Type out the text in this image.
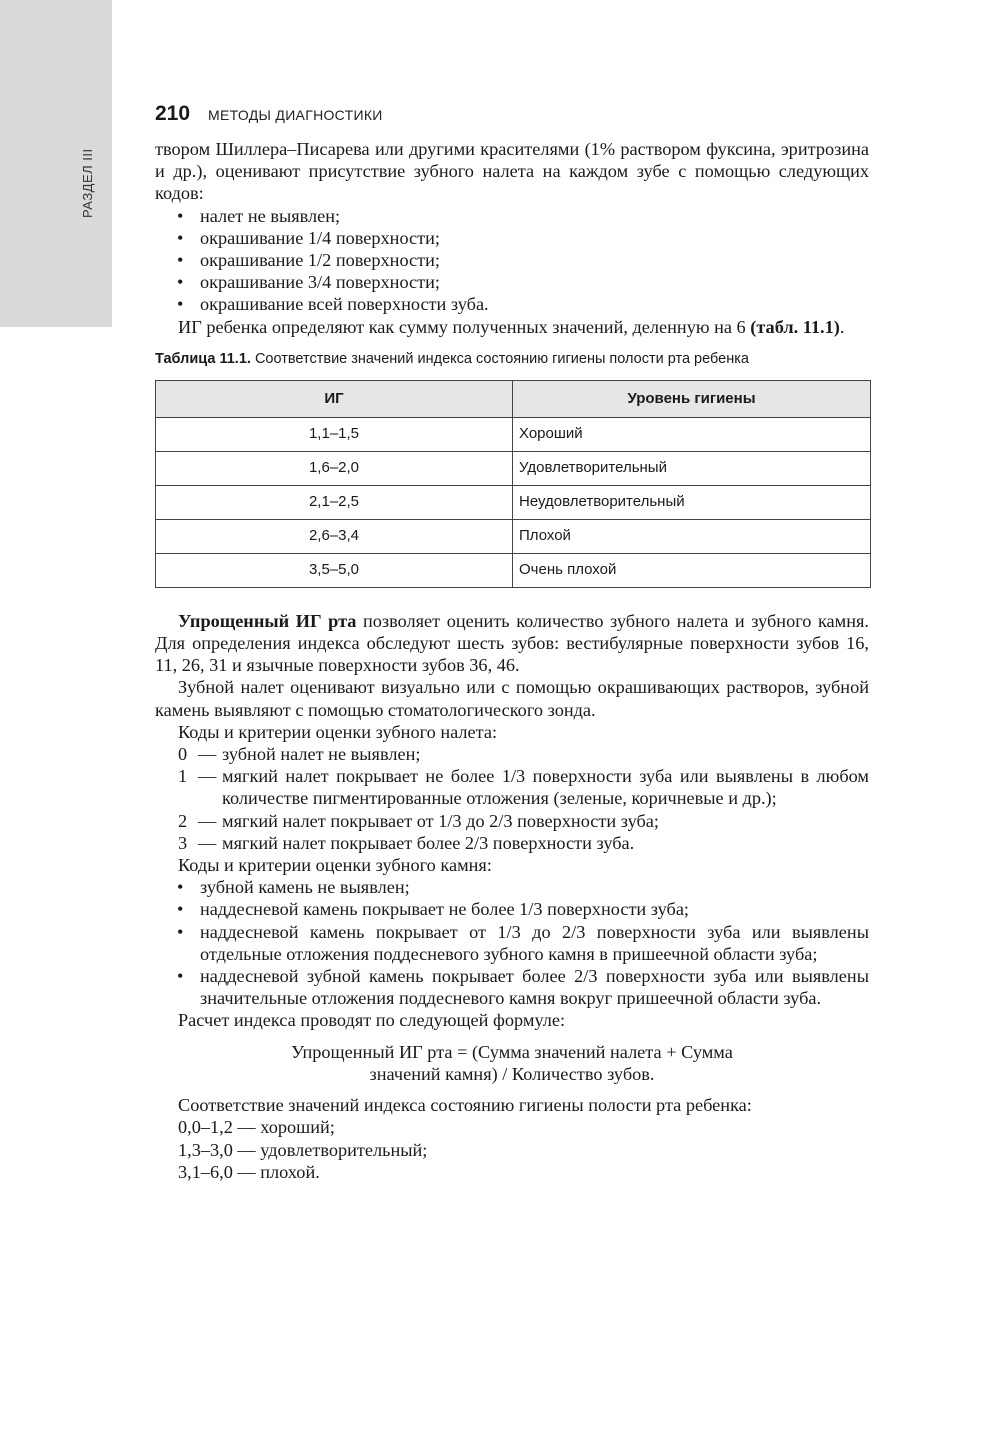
РАЗДЕЛ III
210 МЕТОДЫ ДИАГНОСТИКИ

твором Шиллера–Писарева или другими красителями (1% раствором фуксина, эритрозина и др.), оценивают присутствие зубного налета на каждом зубе с помощью следующих кодов:

• налет не выявлен;
• окрашивание 1/4 поверхности;
• окрашивание 1/2 поверхности;
• окрашивание 3/4 поверхности;
• окрашивание всей поверхности зуба.

ИГ ребенка определяют как сумму полученных значений, деленную на 6 (табл. 11.1).

Таблица 11.1. Соответствие значений индекса состоянию гигиены полости рта ребенка
ИГ	Уровень гигиены
1,1–1,5	Хороший
1,6–2,0	Удовлетворительный
2,1–2,5	Неудовлетворительный
2,6–3,4	Плохой
3,5–5,0	Очень плохой

Упрощенный ИГ рта позволяет оценить количество зубного налета и зубного камня. Для определения индекса обследуют шесть зубов: вестибулярные поверхности зубов 16, 11, 26, 31 и язычные поверхности зубов 36, 46.

Зубной налет оценивают визуально или с помощью окрашивающих растворов, зубной камень выявляют с помощью стоматологического зонда.

Коды и критерии оценки зубного налета:

0 — зубной налет не выявлен;
1 — мягкий налет покрывает не более 1/3 поверхности зуба или выявлены в любом количестве пигментированные отложения (зеленые, коричневые и др.);
2 — мягкий налет покрывает от 1/3 до 2/3 поверхности зуба;
3 — мягкий налет покрывает более 2/3 поверхности зуба.

Коды и критерии оценки зубного камня:

• зубной камень не выявлен;
• наддесневой камень покрывает не более 1/3 поверхности зуба;
• наддесневой камень покрывает от 1/3 до 2/3 поверхности зуба или выявлены отдельные отложения поддесневого зубного камня в пришеечной области зуба;
• наддесневой зубной камень покрывает более 2/3 поверхности зуба или выявлены значительные отложения поддесневого камня вокруг пришеечной области зуба.

Расчет индекса проводят по следующей формуле:

Упрощенный ИГ рта = (Сумма значений налета + Сумма
значений камня) / Количество зубов.

Соответствие значений индекса состоянию гигиены полости рта ребенка:

0,0–1,2 — хороший;

1,3–3,0 — удовлетворительный;

3,1–6,0 — плохой.
